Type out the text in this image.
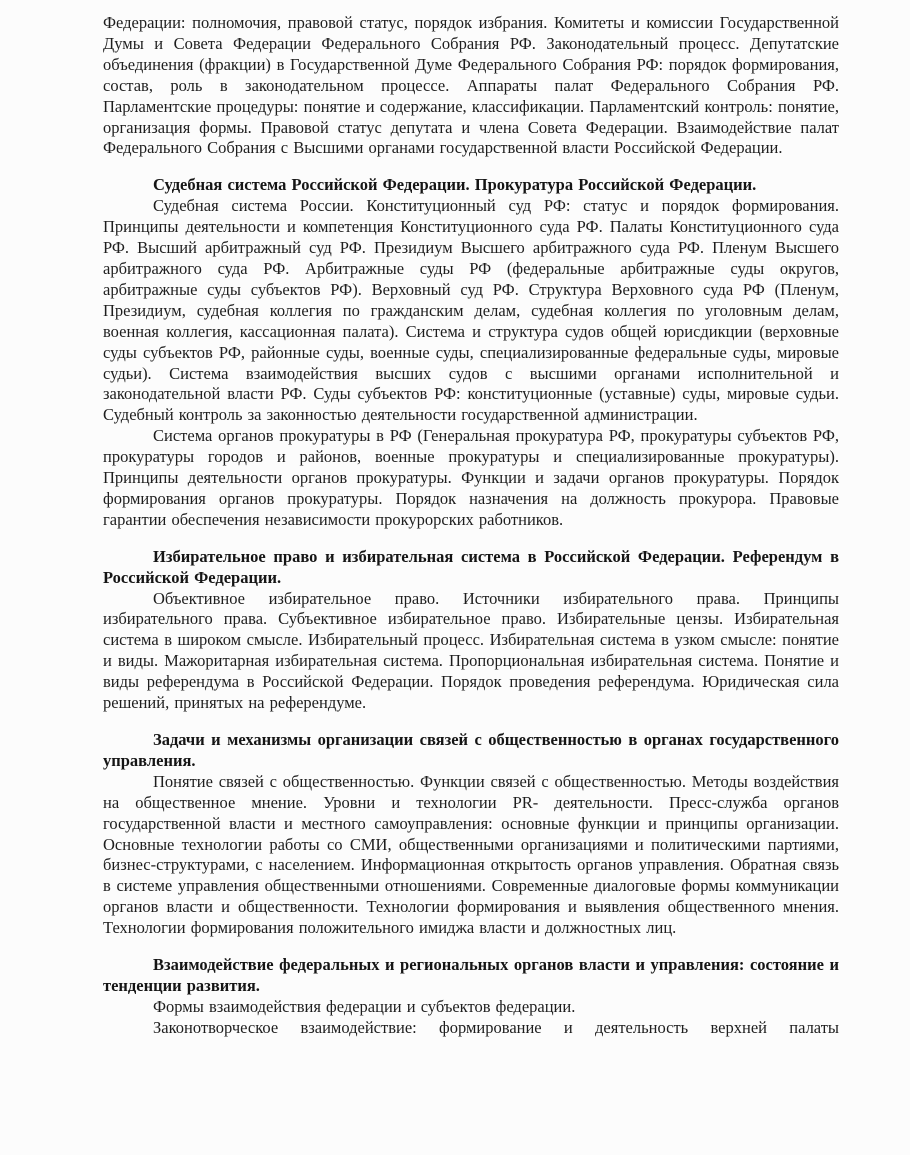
Федерации: полномочия, правовой статус, порядок избрания. Комитеты и комиссии Государственной Думы и Совета Федерации Федерального Собрания РФ. Законодательный процесс. Депутатские объединения (фракции) в Государственной Думе Федерального Собрания РФ: порядок формирования, состав, роль в законодательном процессе. Аппараты палат Федерального Собрания РФ. Парламентские процедуры: понятие и содержание, классификации. Парламентский контроль: понятие, организация формы. Правовой статус депутата и члена Совета Федерации. Взаимодействие палат Федерального Собрания с Высшими органами государственной власти Российской Федерации.

Судебная система Российской Федерации. Прокуратура Российской Федерации.

Судебная система России. Конституционный суд РФ: статус и порядок формирования. Принципы деятельности и компетенция Конституционного суда РФ. Палаты Конституционного суда РФ. Высший арбитражный суд РФ. Президиум Высшего арбитражного суда РФ. Пленум Высшего арбитражного суда РФ. Арбитражные суды РФ (федеральные арбитражные суды округов, арбитражные суды субъектов РФ). Верховный суд РФ. Структура Верховного суда РФ (Пленум, Президиум, судебная коллегия по гражданским делам, судебная коллегия по уголовным делам, военная коллегия, кассационная палата). Система и структура судов общей юрисдикции (верховные суды субъектов РФ, районные суды, военные суды, специализированные федеральные суды, мировые судьи). Система взаимодействия высших судов с высшими органами исполнительной и законодательной власти РФ. Суды субъектов РФ: конституционные (уставные) суды, мировые судьи. Судебный контроль за законностью деятельности государственной администрации.

Система органов прокуратуры в РФ (Генеральная прокуратура РФ, прокуратуры субъектов РФ, прокуратуры городов и районов, военные прокуратуры и специализированные прокуратуры). Принципы деятельности органов прокуратуры. Функции и задачи органов прокуратуры. Порядок формирования органов прокуратуры. Порядок назначения на должность прокурора. Правовые гарантии обеспечения независимости прокурорских работников.

Избирательное право и избирательная система в Российской Федерации. Референдум в Российской Федерации.

Объективное избирательное право. Источники избирательного права. Принципы избирательного права. Субъективное избирательное право. Избирательные цензы. Избирательная система в широком смысле. Избирательный процесс. Избирательная система в узком смысле: понятие и виды. Мажоритарная избирательная система. Пропорциональная избирательная система. Понятие и виды референдума в Российской Федерации. Порядок проведения референдума. Юридическая сила решений, принятых на референдуме.

Задачи и механизмы организации связей с общественностью в органах государственного управления.

Понятие связей с общественностью. Функции связей с общественностью. Методы воздействия на общественное мнение. Уровни и технологии PR- деятельности. Пресс-служба органов государственной власти и местного самоуправления: основные функции и принципы организации. Основные технологии работы со СМИ, общественными организациями и политическими партиями, бизнес-структурами, с населением. Информационная открытость органов управления. Обратная связь в системе управления общественными отношениями. Современные диалоговые формы коммуникации органов власти и общественности. Технологии формирования и выявления общественного мнения. Технологии формирования положительного имиджа власти и должностных лиц.

Взаимодействие федеральных и региональных органов власти и управления: состояние и тенденции развития.

Формы взаимодействия федерации и субъектов федерации.

Законотворческое взаимодействие: формирование и деятельность верхней палаты
